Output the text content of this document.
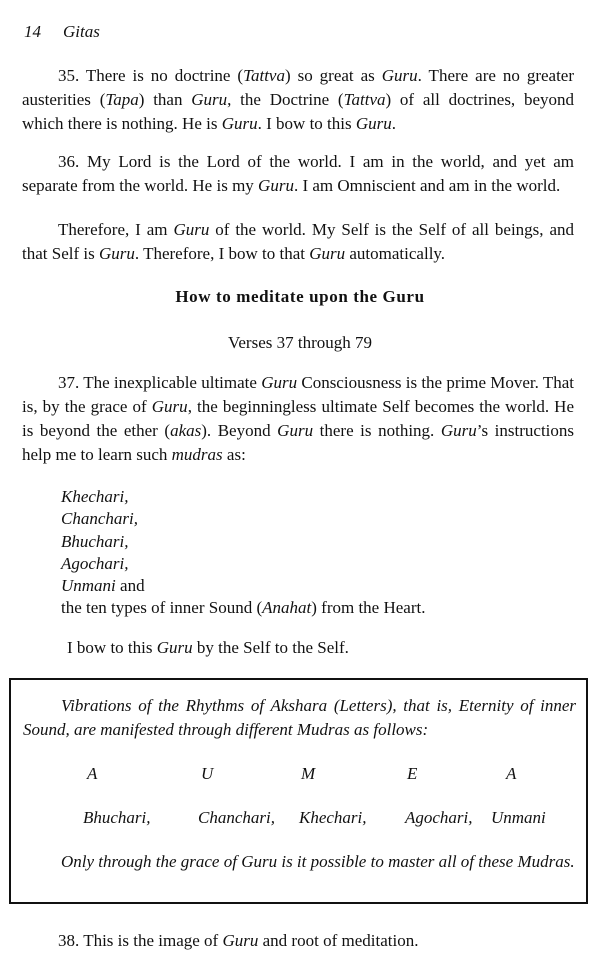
14 Gitas

35. There is no doctrine (Tattva) so great as Guru. There are no greater austerities (Tapa) than Guru, the Doctrine (Tattva) of all doctrines, beyond which there is nothing. He is Guru. I bow to this Guru.

36. My Lord is the Lord of the world. I am in the world, and yet am separate from the world. He is my Guru. I am Omniscient and am in the world.

Therefore, I am Guru of the world. My Self is the Self of all beings, and that Self is Guru. Therefore, I bow to that Guru automatically.

How to meditate upon the Guru
Verses 37 through 79

37. The inexplicable ultimate Guru Consciousness is the prime Mover. That is, by the grace of Guru, the beginningless ultimate Self becomes the world. He is beyond the ether (akas). Beyond Guru there is nothing. Guru’s instructions help me to learn such mudras as:

Khechari,
Chanchari,
Bhuchari,
Agochari,
Unmani and
the ten types of inner Sound (Anahat) from the Heart.

I bow to this Guru by the Self to the Self.

Vibrations of the Rhythms of Akshara (Letters), that is, Eternity of inner Sound, are manifested through different Mudras as follows:

A	U	M	E	A
Bhuchari,	Chanchari, Khechari, Agochari, Unmani

Only through the grace of Guru is it possible to master all of these Mudras.

38. This is the image of Guru and root of meditation.
